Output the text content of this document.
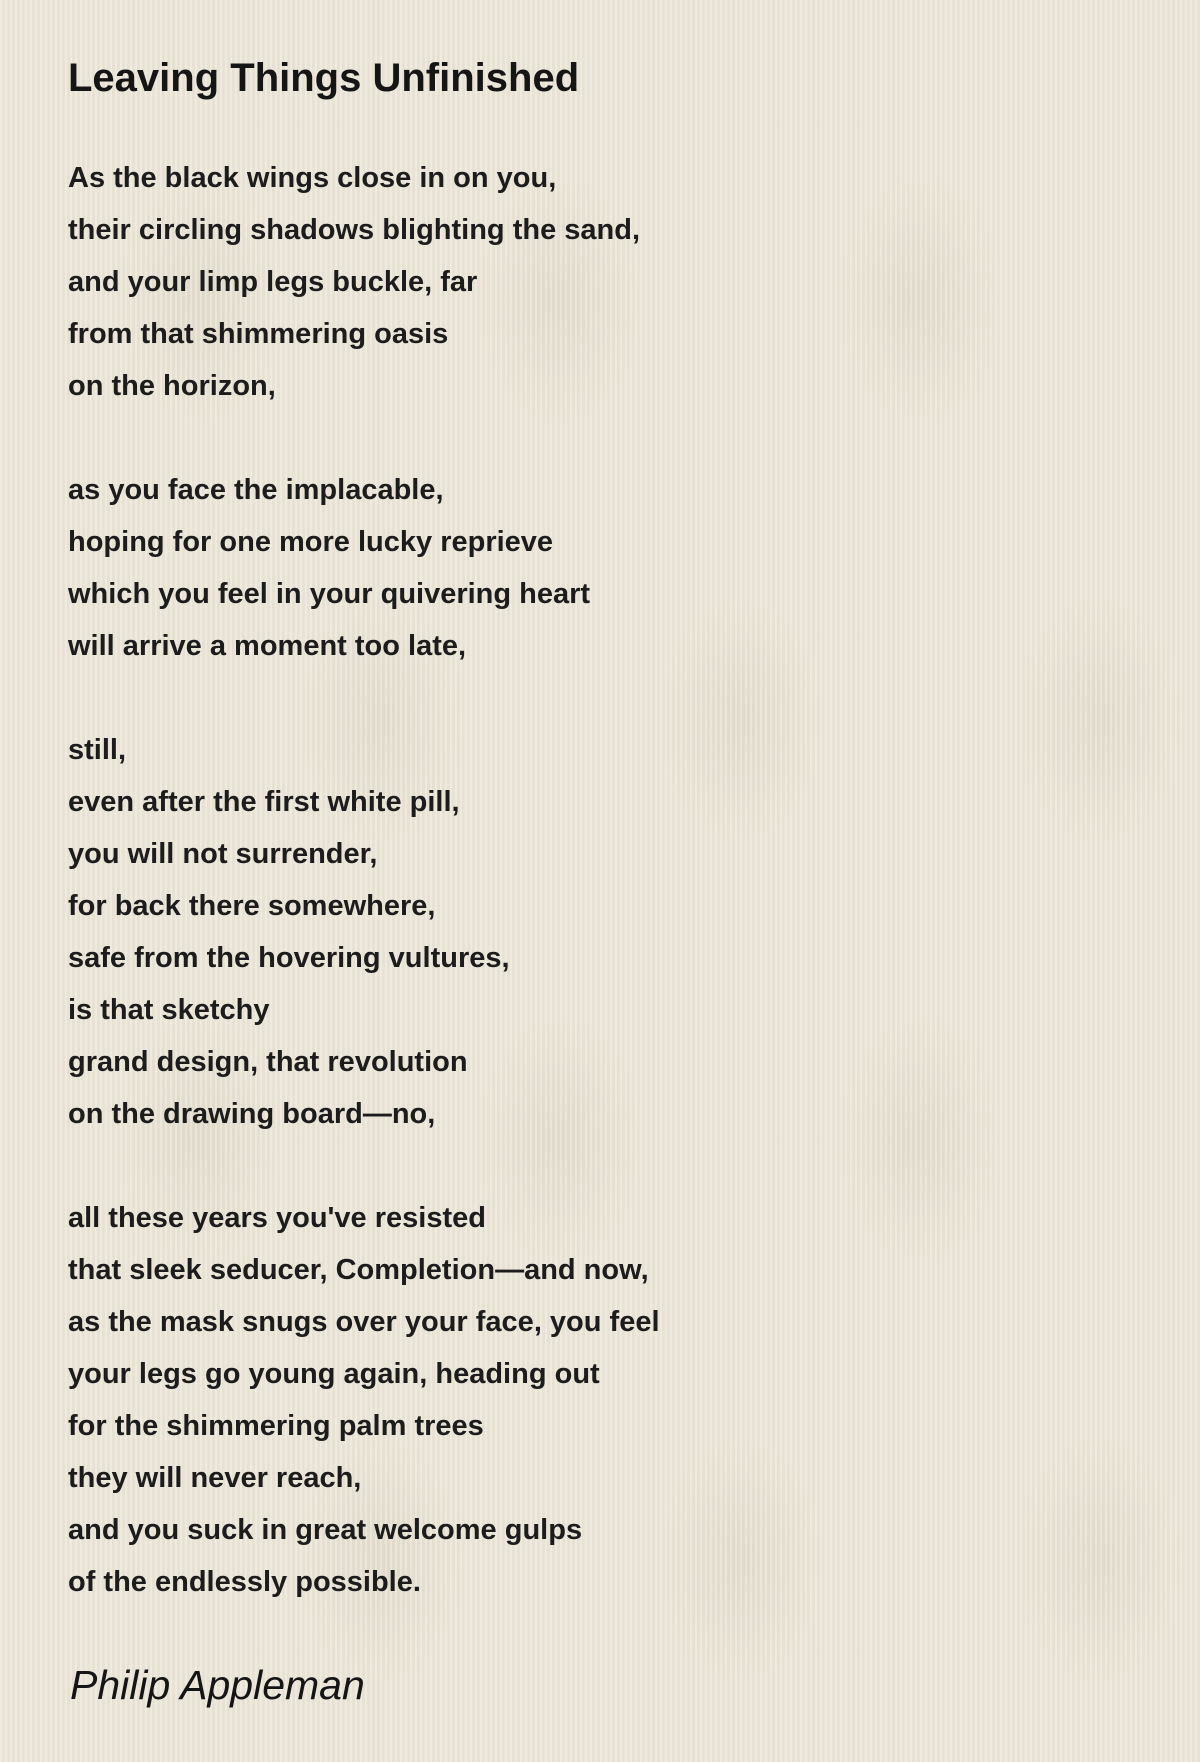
Leaving Things Unfinished
As the black wings close in on you,
their circling shadows blighting the sand,
and your limp legs buckle, far
from that shimmering oasis
on the horizon,
as you face the implacable,
hoping for one more lucky reprieve
which you feel in your quivering heart
will arrive a moment too late,
still,
even after the first white pill,
you will not surrender,
for back there somewhere,
safe from the hovering vultures,
is that sketchy
grand design, that revolution
on the drawing board—no,
all these years you've resisted
that sleek seducer, Completion—and now,
as the mask snugs over your face, you feel
your legs go young again, heading out
for the shimmering palm trees
they will never reach,
and you suck in great welcome gulps
of the endlessly possible.

Philip Appleman
